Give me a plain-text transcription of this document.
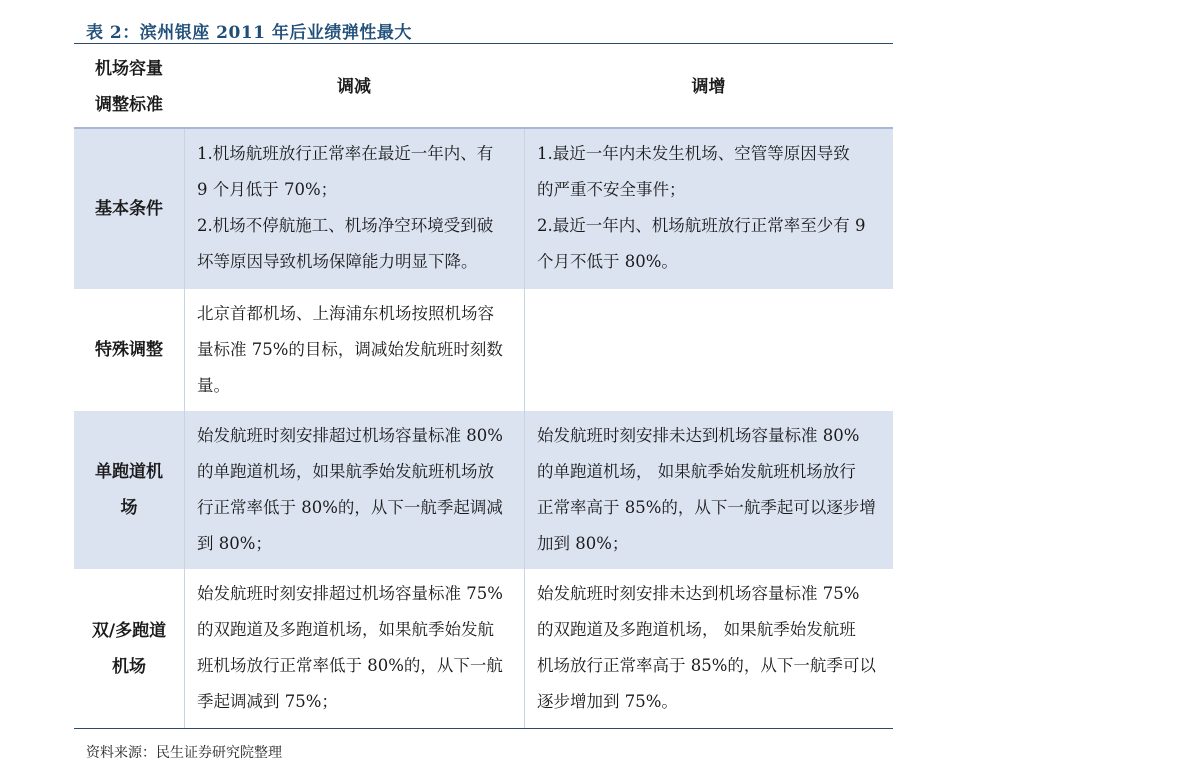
表 2：滨州银座 2011 年后业绩弹性最大
机场容量
调整标准
调减	调增
基本条件
1.机场航班放行正常率在最近一年内、有
9 个月低于 70%；
2.机场不停航施工、机场净空环境受到破
坏等原因导致机场保障能力明显下降。
1.最近一年内未发生机场、空管等原因导致
的严重不安全事件；
2.最近一年内、机场航班放行正常率至少有 9
个月不低于 80%。
特殊调整
北京首都机场、上海浦东机场按照机场容
量标准 75%的目标，调减始发航班时刻数
量。
单跑道机
场
始发航班时刻安排超过机场容量标准 80%
的单跑道机场，如果航季始发航班机场放
行正常率低于 80%的，从下一航季起调减
到 80%；
始发航班时刻安排未达到机场容量标准 80%
的单跑道机场， 如果航季始发航班机场放行
正常率高于 85%的，从下一航季起可以逐步增
加到 80%；
双/多跑道
机场
始发航班时刻安排超过机场容量标准 75%
的双跑道及多跑道机场，如果航季始发航
班机场放行正常率低于 80%的，从下一航
季起调减到 75%；
始发航班时刻安排未达到机场容量标准 75%
的双跑道及多跑道机场， 如果航季始发航班
机场放行正常率高于 85%的，从下一航季可以
逐步增加到 75%。
资料来源：民生证券研究院整理
